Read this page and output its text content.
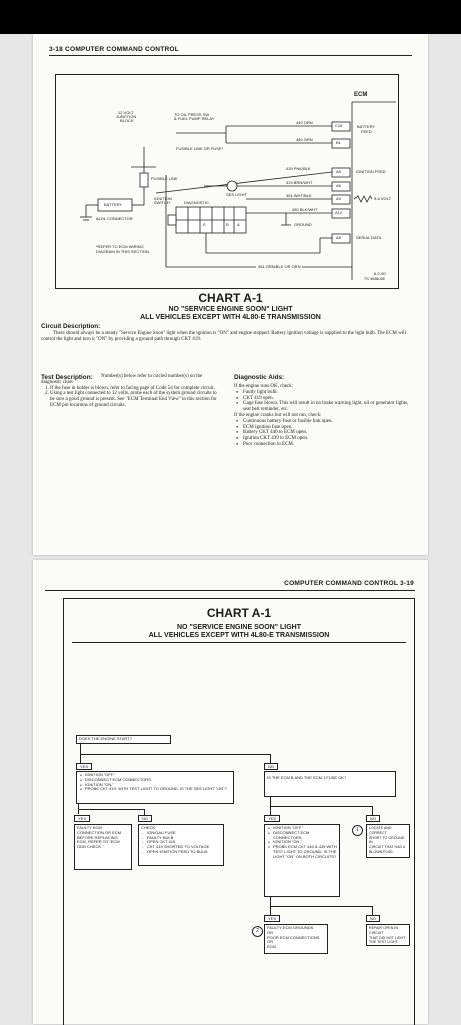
3-18 COMPUTER COMMAND CONTROL
ECM
12 VOLT
JUNCTION
BLOCK
TO OIL PRESS SW
& FUEL PUMP RELAY
FUSIBLE LINK OR FUSE*
FUSIBLE LINK
BATTERY
IGNITION
SWITCH
SES LIGHT
DIAGNOSTIC
ALDL CONNECTOR
E	B A	GROUND
*REFER TO ECM WIRING
DIAGRAM IN THIS SECTION
440 ORN
440 ORN
439 PNK/BLK
419 BRN/WHT
451 WHT/BLK
450 BLK/WHT
C16
B1
A5
A6
A9
A12
A8
BATTERY
FEED
IGNITION FEED
5-6 VOLT
SERIAL DATA
461 ORN/BLK OR ORN
6-2-90
7S 3686-6E
CHART A-1
NO "SERVICE ENGINE SOON" LIGHT
ALL VEHICLES EXCEPT WITH 4L80-E TRANSMISSION
Circuit Description:
There should always be a steady "Service Engine Soon" light when the ignition is "ON" and engine stopped. Battery ignition voltage is supplied to the light bulb. The ECM will control the light and turn it "ON" by providing a ground path through CKT 419.
Test Description:	Number(s) below refer to circled number(s) on the diagnostic chart.

1. If the fuse in holder is blown, refer to facing page of Code 54 for complete circuit.
2. Using a test light connected to 12 volts, probe each of the system ground circuits to be sure a good ground is present. See "ECM Terminal End View" in this section for ECM pin locations of ground circuits.
Diagnostic Aids:

If the engine runs OK, check:

● Faulty light bulb.
● CKT 419 open.
● Gage fuse blown. This will result in no brake warning light, oil or generator lights, seat belt reminder, etc.

If the engine cranks but will not run, check:

● Continuous battery-fuse or fusible link open.
● ECM ignition fuse open.
● Battery CKT 440 to ECM open.
● Ignition CKT 439 to ECM open.
● Poor connection to ECM.
COMPUTER COMMAND CONTROL 3-19
CHART A-1
NO "SERVICE ENGINE SOON" LIGHT
ALL VEHICLES EXCEPT WITH 4L80-E TRANSMISSION
DOES THE ENGINE START?
YES	NO
● IGNITION "OFF."
● DISCONNECT ECM CONNECTORS.
● IGNITION "ON."
● PROBE CKT 419, WITH TEST LIGHT TO GROUND. IS THE SES LIGHT "ON"?
IS THE ECM B AND THE ECM 1 FUSE OK?
YES	NO	YES	NO
FAULTY ECM
CONNECTION OR ECM.
BEFORE REPLACING
ECM, REFER TO "ECM
ODR CHECK."
CHECK:
- IGN/GAU FUSE
- FAULTY BULB
- OPEN CKT 419
- CKT 419 SHORTED TO VOLTAGE
- OPEN IGNITION FEED TO BULB.
● IGNITION "OFF."
● DISCONNECT ECM CONNECTORS.
● IGNITION "ON."
● PROBE ECM CKT 440 & 439 WITH TEST LIGHT TO GROUND. IS THE LIGHT "ON" ON BOTH CIRCUITS?
1	LOCATE AND CORRECT
SHORT TO GROUND IN
CIRCUIT THAT HAD A
BLOWN FUSE.
YES	NO
2
FAULTY ECM GROUNDS
OR
POOR ECM CONNECTIONS
OR
ECM.
REPAIR OPEN IN CIRCUIT
THAT DID NOT LIGHT
THE TEST LIGHT.
